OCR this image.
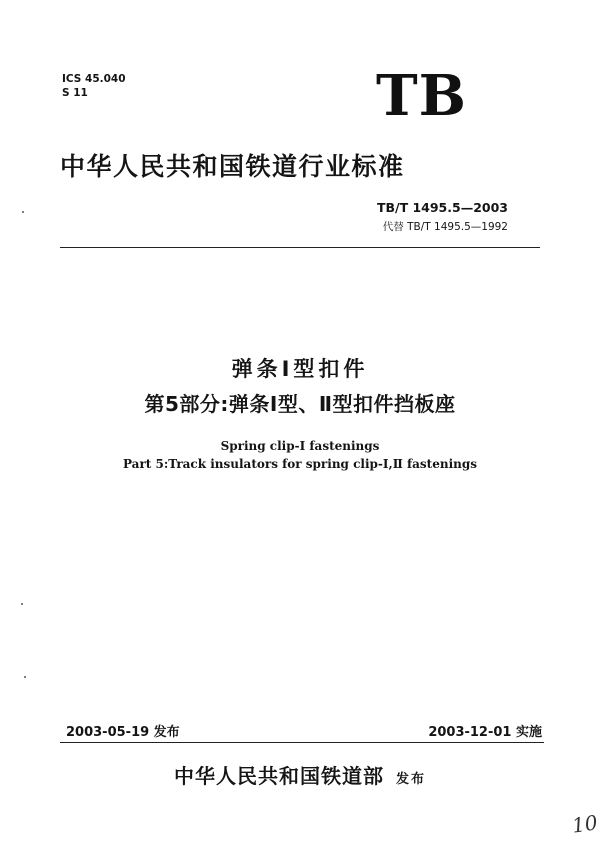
ICS 45.040
S 11	TB
中华人民共和国铁道行业标准
TB/T 1495.5—2003
代替 TB/T 1495.5—1992
弹条Ⅰ型扣件
第5部分:弹条Ⅰ型、Ⅱ型扣件挡板座
Spring clip-Ⅰ fastenings
Part 5:Track insulators for spring clip-Ⅰ,Ⅱ fastenings
2003-05-19 发布	2003-12-01 实施
中华人民共和国铁道部 发布
10
